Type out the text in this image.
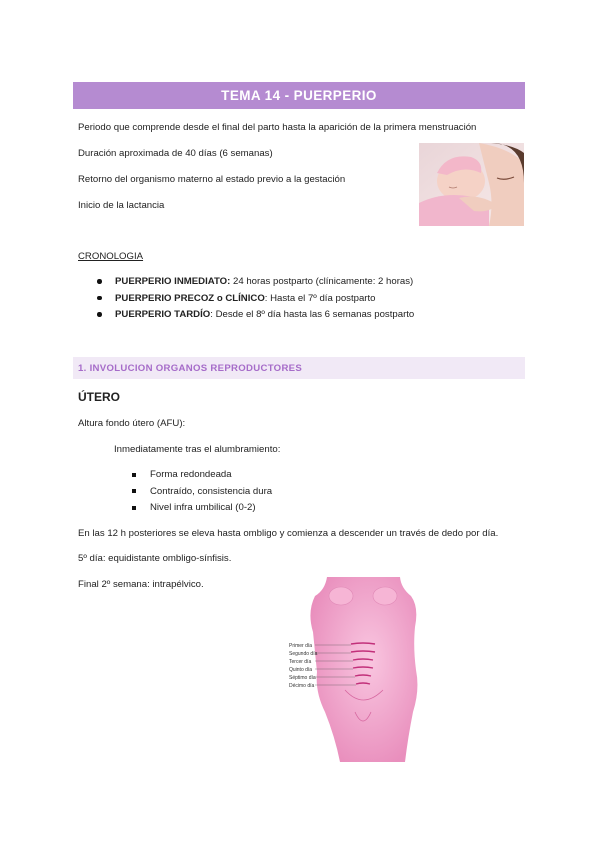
TEMA 14 - PUERPERIO
Periodo que comprende desde el final del parto hasta la aparición de la primera menstruación
Duración aproximada de 40 días (6 semanas)
Retorno del organismo materno al estado previo a la gestación
Inicio de la lactancia
CRONOLOGIA
PUERPERIO INMEDIATO: 24 horas postparto (clínicamente: 2 horas)
PUERPERIO PRECOZ o CLÍNICO: Hasta el 7º día postparto
PUERPERIO TARDÍO: Desde el 8º día hasta las 6 semanas postparto
1. INVOLUCION ORGANOS REPRODUCTORES
ÚTERO
Altura fondo útero (AFU):
Inmediatamente tras el alumbramiento:
Forma redondeada
Contraído, consistencia dura
Nivel infra umbilical (0-2)
En las 12 h posteriores se eleva hasta ombligo y comienza a descender un través de dedo por día.
5º día: equidistante ombligo-sínfisis.
Final 2º semana: intrapélvico.
Primer día
Segundo día
Tercer día
Quinto día
Séptimo día
Décimo día
